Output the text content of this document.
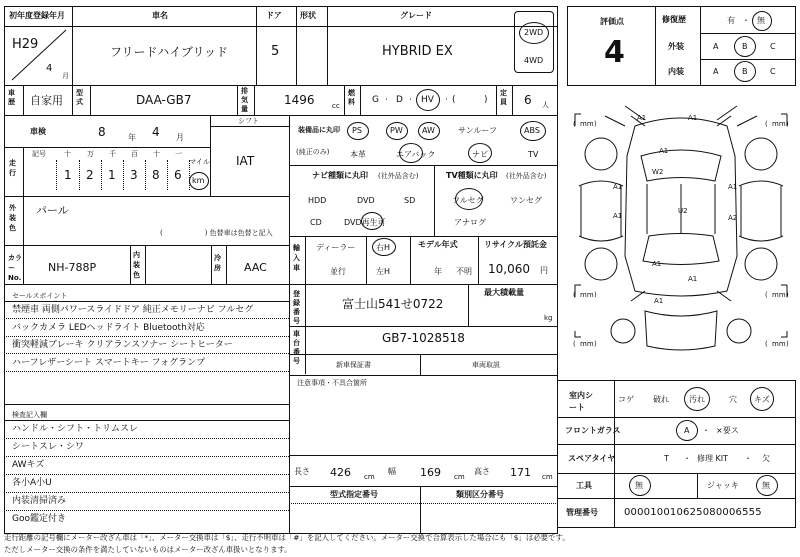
初年度登録年月	車名	ドア 形状	グレード
H29
4
月
フリードハイブリッド	5	HYBRID EX
2WD
4WD
車歴 自家用
型式	DAA-GB7
排気量
1496 cc
燃料	G · D · HV · (	)
定員 6 人
車検	8	年 4 月
シフト
IAT
走行
記号	十 万 千 百 十 一
1 2 1 3 8 6
マイル
km
外装色
パール
(　　　　　　) 色替車は色替と記入
カラーNo.
NH-788P
内装色
冷房 AAC
セールスポイント
禁煙車 両側パワースライドドア 純正メモリーナビ フルセグ
バックカメラ LEDヘッドライト Bluetooth対応
衝突軽減ブレーキ クリアランスソナー シートヒーター
ハーフレザーシート スマートキー フォグランプ
検査記入欄
ハンドル・シフト・トリムスレ
シートスレ・シワ
AWキズ
各小A小U
内装清掃済み
Goo鑑定付き
装備品に丸印
(純正のみ)
PS	PW AW	サンルーフ	ABS
本革	エアバック	ナビ	TV
ナビ種類に丸印 (社外品含む)
HDD	DVD	SD
CD	DVD再生可
TV種類に丸印 (社外品含む)
フルセグ	ワンセグ
アナログ
輸入車
ディーラー
並行
右H
左H
モデル年式
年 不明
リサイクル預託金
10,060 円
登録番号
富士山541せ0722
最大積載量
kg
車台番号
GB7-1028518
新車保証書	車両取説
注意事項・不具合箇所
長さ 426 cm
幅 169 cm
高さ 171 cm
型式指定番号	類別区分番号
評価点
4
修復歴	有 ・ 無
外装	A	B	C
内装	A	B	C
( mm )	( mm )
( mm )	( mm )
( mm )	( mm )
A1	A1
A1
A1
W2
A1
U2
A1	A2
A1
A1
A1
室内シート
コゲ 破れ	汚れ	穴 キズ
フロントガラス	A ・ ×要ス
スペアタイヤ	T ・ 修理 KIT ・ 欠
工具	無	ジャッキ	無
管理番号	000010010625080006555
走行距離の記号欄にメーター改ざん車は「*」、メーター交換車は「$」、走行不明車は「#」を記入してください。メーター交換で合算表示した場合にも「$」は必要です。
ただしメーター交換の条件を満たしていないものはメーター改ざん車扱いとなります。
